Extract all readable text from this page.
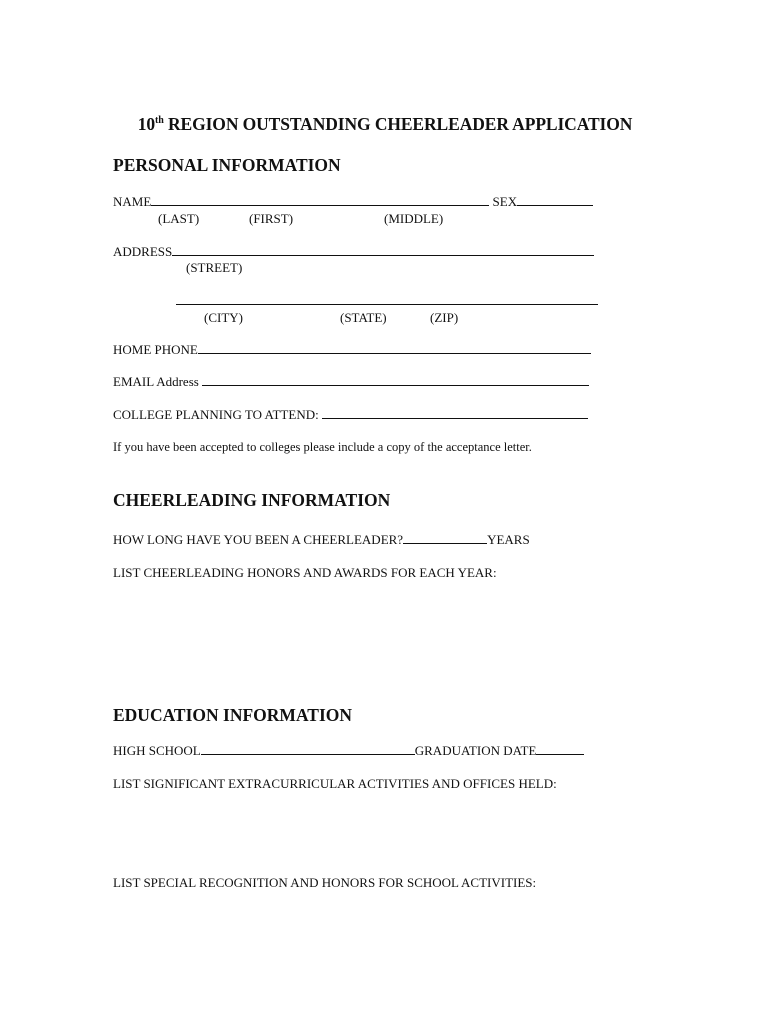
10th REGION OUTSTANDING CHEERLEADER APPLICATION
PERSONAL INFORMATION
NAME	SEX
(LAST)	(FIRST)	(MIDDLE)
ADDRESS
(STREET)
(CITY)	(STATE)	(ZIP)
HOME PHONE
EMAIL Address
COLLEGE PLANNING TO ATTEND:
If you have been accepted to colleges please include a copy of the acceptance letter.
CHEERLEADING INFORMATION
HOW LONG HAVE YOU BEEN A CHEERLEADER?	YEARS
LIST CHEERLEADING HONORS AND AWARDS FOR EACH YEAR:
EDUCATION INFORMATION
HIGH SCHOOL	GRADUATION DATE
LIST SIGNIFICANT EXTRACURRICULAR ACTIVITIES AND OFFICES HELD:
LIST SPECIAL RECOGNITION AND HONORS FOR SCHOOL ACTIVITIES:
